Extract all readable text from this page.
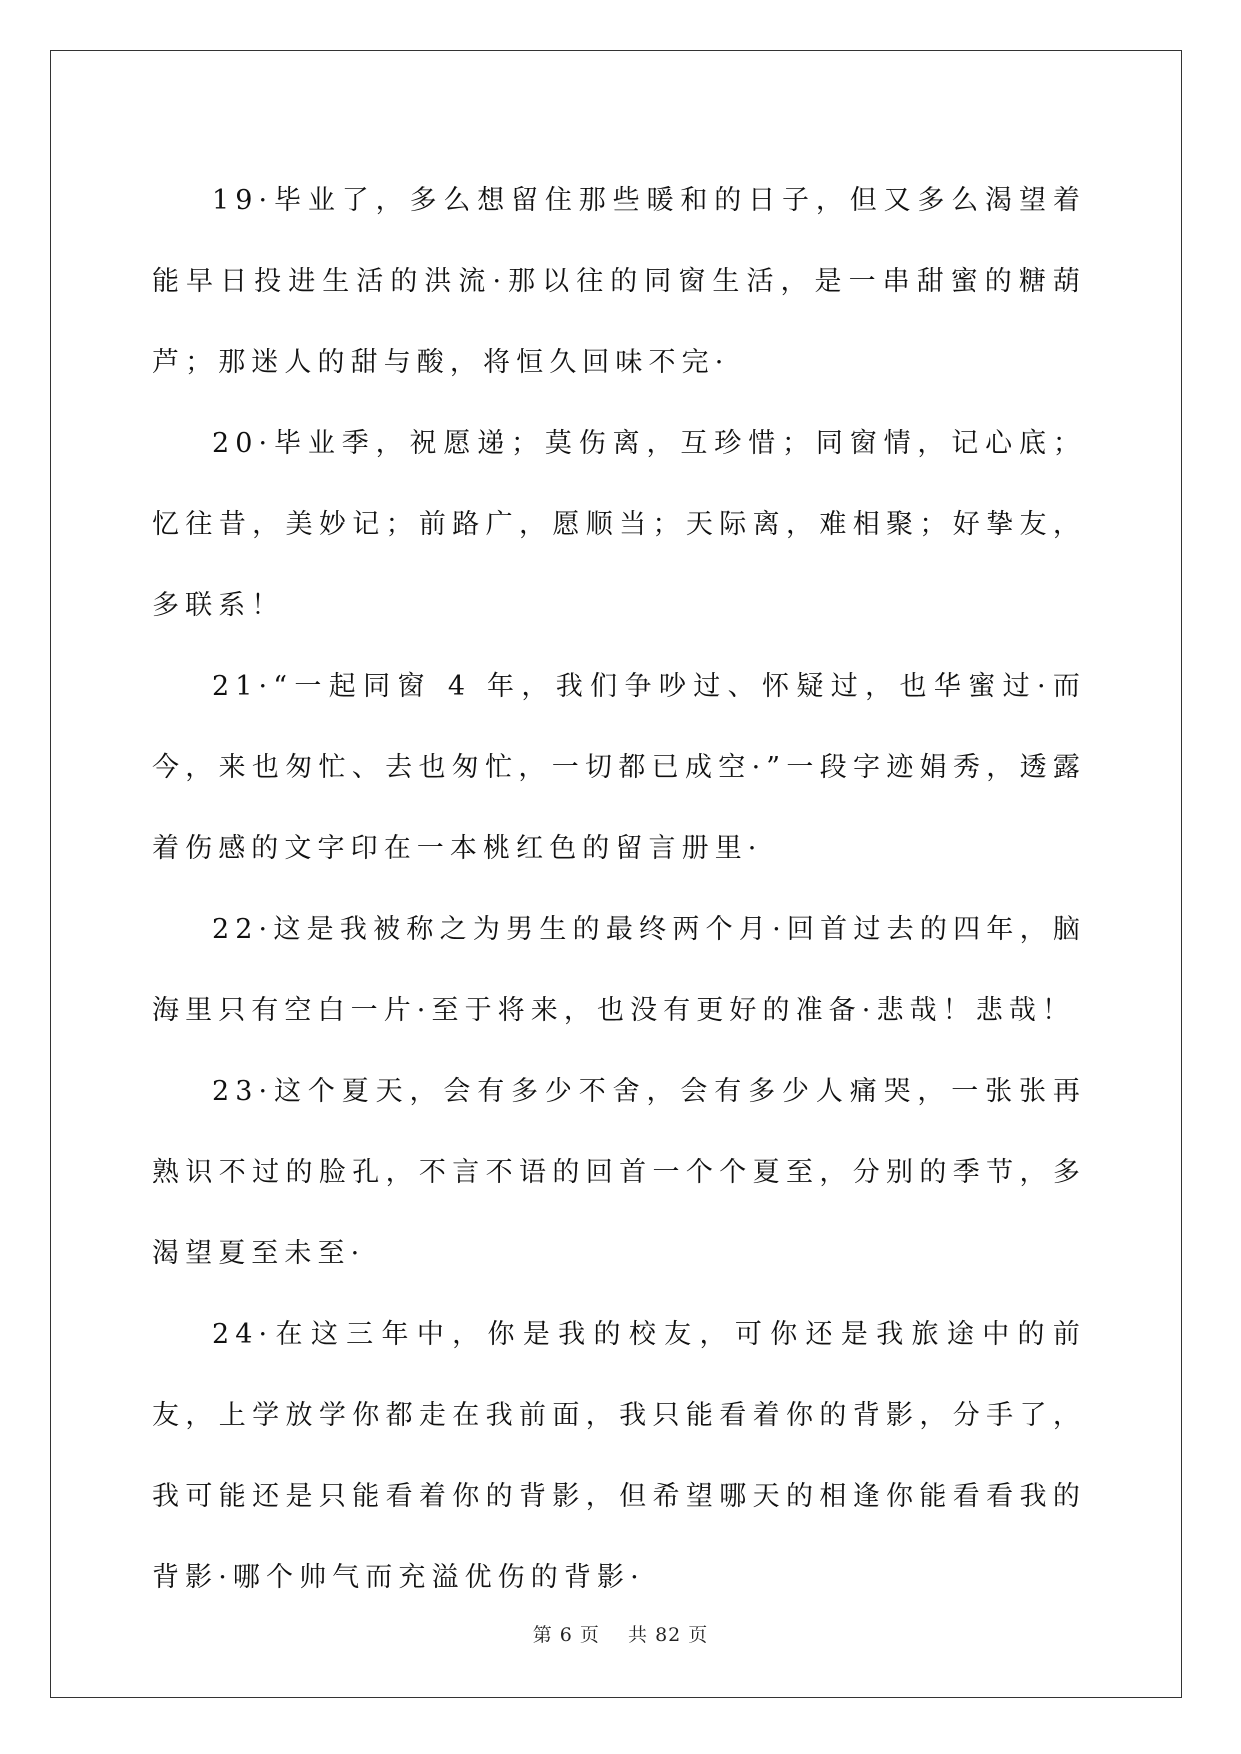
19·毕业了，多么想留住那些暖和的日子，但又多么渴望着能早日投进生活的洪流·那以往的同窗生活，是一串甜蜜的糖葫芦；那迷人的甜与酸，将恒久回味不完·

20·毕业季，祝愿递；莫伤离，互珍惜；同窗情，记心底；忆往昔，美妙记；前路广，愿顺当；天际离，难相聚；好挚友，多联系！

21·“一起同窗 4 年，我们争吵过、怀疑过，也华蜜过·而今，来也匆忙、去也匆忙，一切都已成空·”一段字迹娟秀，透露着伤感的文字印在一本桃红色的留言册里·

22·这是我被称之为男生的最终两个月·回首过去的四年，脑海里只有空白一片·至于将来，也没有更好的准备·悲哉！悲哉！

23·这个夏天，会有多少不舍，会有多少人痛哭，一张张再熟识不过的脸孔，不言不语的回首一个个夏至，分别的季节，多渴望夏至未至·

24·在这三年中，你是我的校友，可你还是我旅途中的前友，上学放学你都走在我前面，我只能看着你的背影，分手了，我可能还是只能看着你的背影，但希望哪天的相逢你能看看我的背影·哪个帅气而充溢优伤的背影·

第 6 页 共 82 页
